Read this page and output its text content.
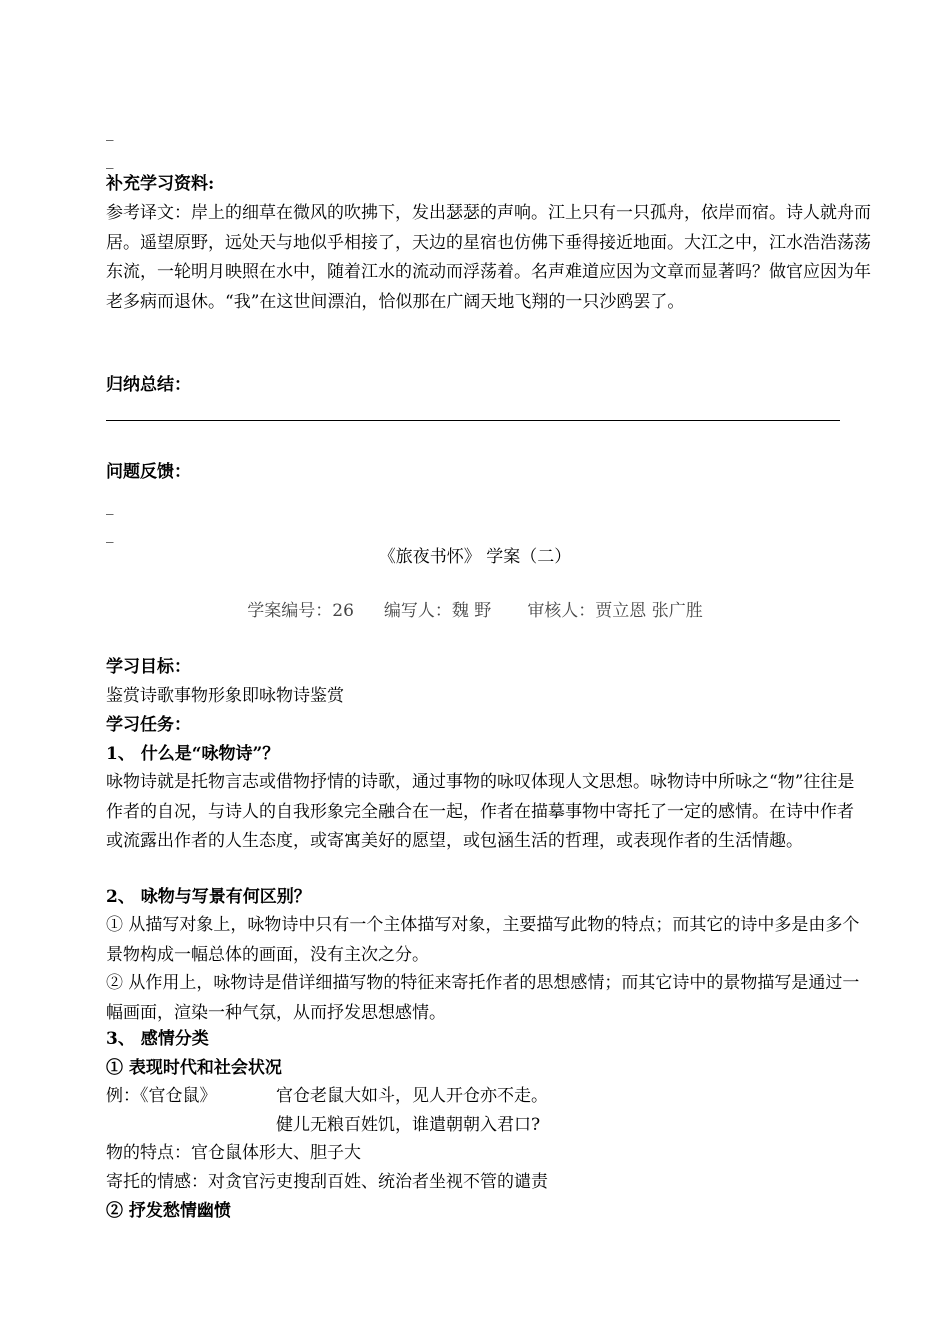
_
_
补充学习资料:
参考译文：岸上的细草在微风的吹拂下，发出瑟瑟的声响。江上只有一只孤舟，依岸而宿。诗人就舟而居。遥望原野，远处天与地似乎相接了，天边的星宿也仿佛下垂得接近地面。大江之中，江水浩浩荡荡东流，一轮明月映照在水中，随着江水的流动而浮荡着。名声难道应因为文章而显著吗？做官应因为年老多病而退休。“我”在这世间漂泊，恰似那在广阔天地飞翔的一只沙鸥罢了。
归纳总结：
问题反馈：
_
_
《旅夜书怀》 学案（二）
学案编号：26 编写人：魏 野 审核人：贾立恩 张广胜
学习目标：
鉴赏诗歌事物形象即咏物诗鉴赏
学习任务：
1、 什么是“咏物诗”？
咏物诗就是托物言志或借物抒情的诗歌，通过事物的咏叹体现人文思想。咏物诗中所咏之“物”往往是作者的自况，与诗人的自我形象完全融合在一起，作者在描摹事物中寄托了一定的感情。在诗中作者或流露出作者的人生态度，或寄寓美好的愿望，或包涵生活的哲理，或表现作者的生活情趣。
2、 咏物与写景有何区别？
① 从描写对象上，咏物诗中只有一个主体描写对象，主要描写此物的特点；而其它的诗中多是由多个景物构成一幅总体的画面，没有主次之分。
② 从作用上，咏物诗是借详细描写物的特征来寄托作者的思想感情；而其它诗中的景物描写是通过一幅画面，渲染一种气氛，从而抒发思想感情。
3、 感情分类
① 表现时代和社会状况
例：《官仓鼠》	官仓老鼠大如斗，见人开仓亦不走。
健儿无粮百姓饥，谁遣朝朝入君口?
物的特点：官仓鼠体形大、胆子大
寄托的情感：对贪官污吏搜刮百姓、统治者坐视不管的谴责
② 抒发愁情幽愤
